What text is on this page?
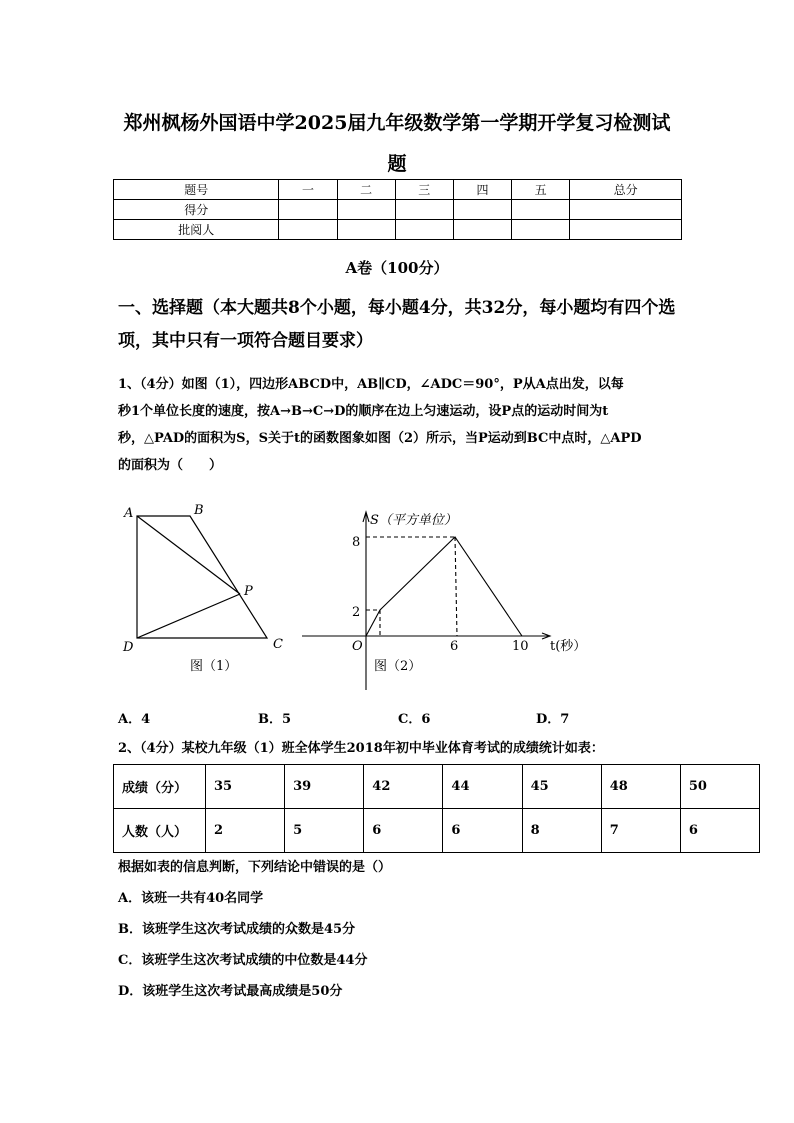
郑州枫杨外国语中学2025届九年级数学第一学期开学复习检测试
题
题号	一	二	三	四	五	总分
得分						
批阅人						
A卷（100分）
一、选择题（本大题共8个小题，每小题4分，共32分，每小题均有四个选项，其中只有一项符合题目要求）
1、（4分）如图（1），四边形ABCD中，AB∥CD，∠ADC＝90°，P从A点出发，以每
秒1个单位长度的速度，按A→B→C→D的顺序在边上匀速运动，设P点的运动时间为t
秒，△PAD的面积为S，S关于t的函数图象如图（2）所示，当P运动到BC中点时，△APD
的面积为（　　）
A	B
P
D	C
图（1）
S（平方单位）
t(秒）
O
8
2
6	10
图（2）
A．4	B．5	C．6	D．7
2、（4分）某校九年级（1）班全体学生2018年初中毕业体育考试的成绩统计如表：
成绩（分）	35	39	42	44	45	48	50
人数（人）	2	5	6	6	8	7	6
根据如表的信息判断，下列结论中错误的是（）
A．该班一共有40名同学
B．该班学生这次考试成绩的众数是45分
C．该班学生这次考试成绩的中位数是44分
D．该班学生这次考试最高成绩是50分
